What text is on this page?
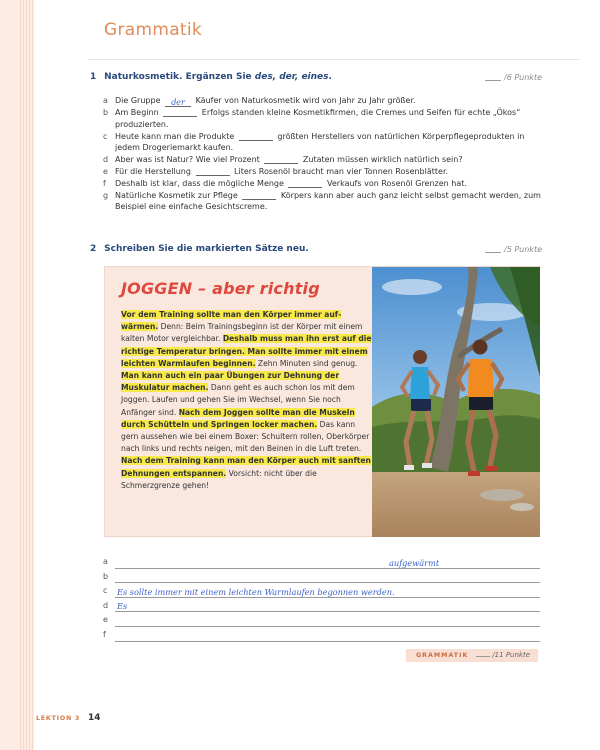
Grammatik
1 Naturkosmetik. Ergänzen Sie des, der, eines.	/6 Punkte
a Die Gruppe der Käufer von Naturkosmetik wird von Jahr zu Jahr größer.
b Am Beginn	Erfolgs standen kleine Kosmetikfirmen, die Cremes und Seifen für echte „Ökos“ produzierten.
c Heute kann man die Produkte	größten Herstellers von natürlichen Körperpflegeprodukten in jedem Drogeriemarkt kaufen.
d Aber was ist Natur? Wie viel Prozent	Zutaten müssen wirklich natürlich sein?
e Für die Herstellung	Liters Rosenöl braucht man vier Tonnen Rosenblätter.
f Deshalb ist klar, dass die mögliche Menge	Verkaufs von Rosenöl Grenzen hat.
g Natürliche Kosmetik zur Pflege	Körpers kann aber auch ganz leicht selbst gemacht werden, zum Beispiel eine einfache Gesichtscreme.
2 Schreiben Sie die markierten Sätze neu.	/5 Punkte
JOGGEN – aber richtig
Vor dem Training sollte man den Körper immer aufwärmen. Denn: Beim Trainingsbeginn ist der Körper mit einem kalten Motor vergleichbar. Deshalb muss man ihn erst auf die richtige Temperatur bringen. Man sollte immer mit einem leichten Warmlaufen beginnen. Zehn Minuten sind genug. Man kann auch ein paar Übungen zur Dehnung der Muskulatur machen. Dann geht es auch schon los mit dem Joggen. Laufen und gehen Sie im Wechsel, wenn Sie noch Anfänger sind. Nach dem Joggen sollte man die Muskeln durch Schütteln und Springen locker machen. Das kann gern aussehen wie bei einem Boxer: Schultern rollen, Oberkörper nach links und rechts neigen, mit den Beinen in die Luft treten. Nach dem Training kann man den Körper auch mit sanften Dehnungen entspannen. Vorsicht: nicht über die Schmerzgrenze gehen!
a	aufgewärmt
b
c Es sollte immer mit einem leichten Warmlaufen begonnen werden.
d Es
e
f
GRAMMATIK	/11 Punkte
LEKTION 3 14
